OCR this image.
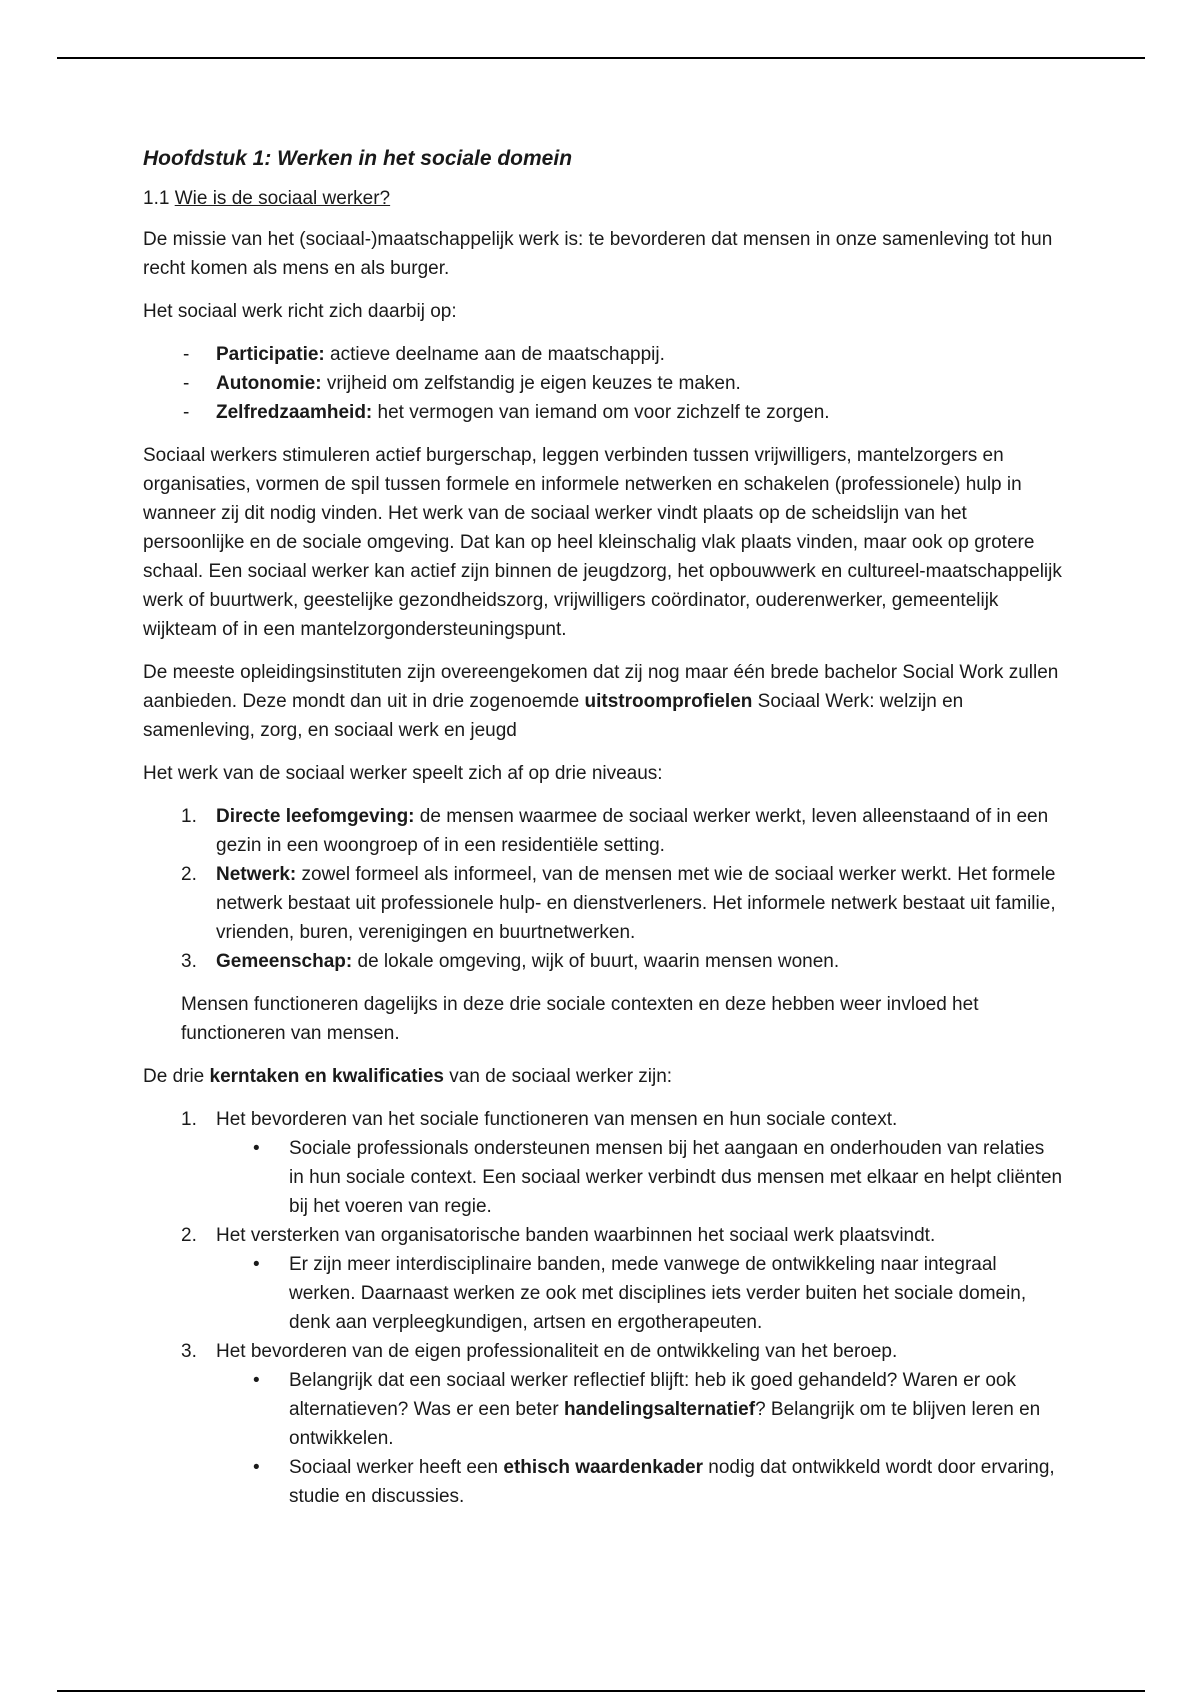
Hoofdstuk 1: Werken in het sociale domein
1.1 Wie is de sociaal werker?

De missie van het (sociaal-)maatschappelijk werk is: te bevorderen dat mensen in onze samenleving tot hun recht komen als mens en als burger.

Het sociaal werk richt zich daarbij op:

- Participatie: actieve deelname aan de maatschappij.
- Autonomie: vrijheid om zelfstandig je eigen keuzes te maken.
- Zelfredzaamheid: het vermogen van iemand om voor zichzelf te zorgen.

Sociaal werkers stimuleren actief burgerschap, leggen verbinden tussen vrijwilligers, mantelzorgers en organisaties, vormen de spil tussen formele en informele netwerken en schakelen (professionele) hulp in wanneer zij dit nodig vinden. Het werk van de sociaal werker vindt plaats op de scheidslijn van het persoonlijke en de sociale omgeving. Dat kan op heel kleinschalig vlak plaats vinden, maar ook op grotere schaal. Een sociaal werker kan actief zijn binnen de jeugdzorg, het opbouwwerk en cultureel-maatschappelijk werk of buurtwerk, geestelijke gezondheidszorg, vrijwilligers coördinator, ouderenwerker, gemeentelijk wijkteam of in een mantelzorgondersteuningspunt.

De meeste opleidingsinstituten zijn overeengekomen dat zij nog maar één brede bachelor Social Work zullen aanbieden. Deze mondt dan uit in drie zogenoemde uitstroomprofielen Sociaal Werk: welzijn en samenleving, zorg, en sociaal werk en jeugd

Het werk van de sociaal werker speelt zich af op drie niveaus:

1. Directe leefomgeving: de mensen waarmee de sociaal werker werkt, leven alleenstaand of in een gezin in een woongroep of in een residentiële setting.
2. Netwerk: zowel formeel als informeel, van de mensen met wie de sociaal werker werkt. Het formele netwerk bestaat uit professionele hulp- en dienstverleners. Het informele netwerk bestaat uit familie, vrienden, buren, verenigingen en buurtnetwerken.
3. Gemeenschap: de lokale omgeving, wijk of buurt, waarin mensen wonen.

Mensen functioneren dagelijks in deze drie sociale contexten en deze hebben weer invloed het functioneren van mensen.

De drie kerntaken en kwalificaties van de sociaal werker zijn:

1. Het bevorderen van het sociale functioneren van mensen en hun sociale context.
• Sociale professionals ondersteunen mensen bij het aangaan en onderhouden van relaties in hun sociale context. Een sociaal werker verbindt dus mensen met elkaar en helpt cliënten bij het voeren van regie.
2. Het versterken van organisatorische banden waarbinnen het sociaal werk plaatsvindt.
• Er zijn meer interdisciplinaire banden, mede vanwege de ontwikkeling naar integraal werken. Daarnaast werken ze ook met disciplines iets verder buiten het sociale domein, denk aan verpleegkundigen, artsen en ergotherapeuten.
3. Het bevorderen van de eigen professionaliteit en de ontwikkeling van het beroep.
• Belangrijk dat een sociaal werker reflectief blijft: heb ik goed gehandeld? Waren er ook alternatieven? Was er een beter handelingsalternatief? Belangrijk om te blijven leren en ontwikkelen.
• Sociaal werker heeft een ethisch waardenkader nodig dat ontwikkeld wordt door ervaring, studie en discussies.
